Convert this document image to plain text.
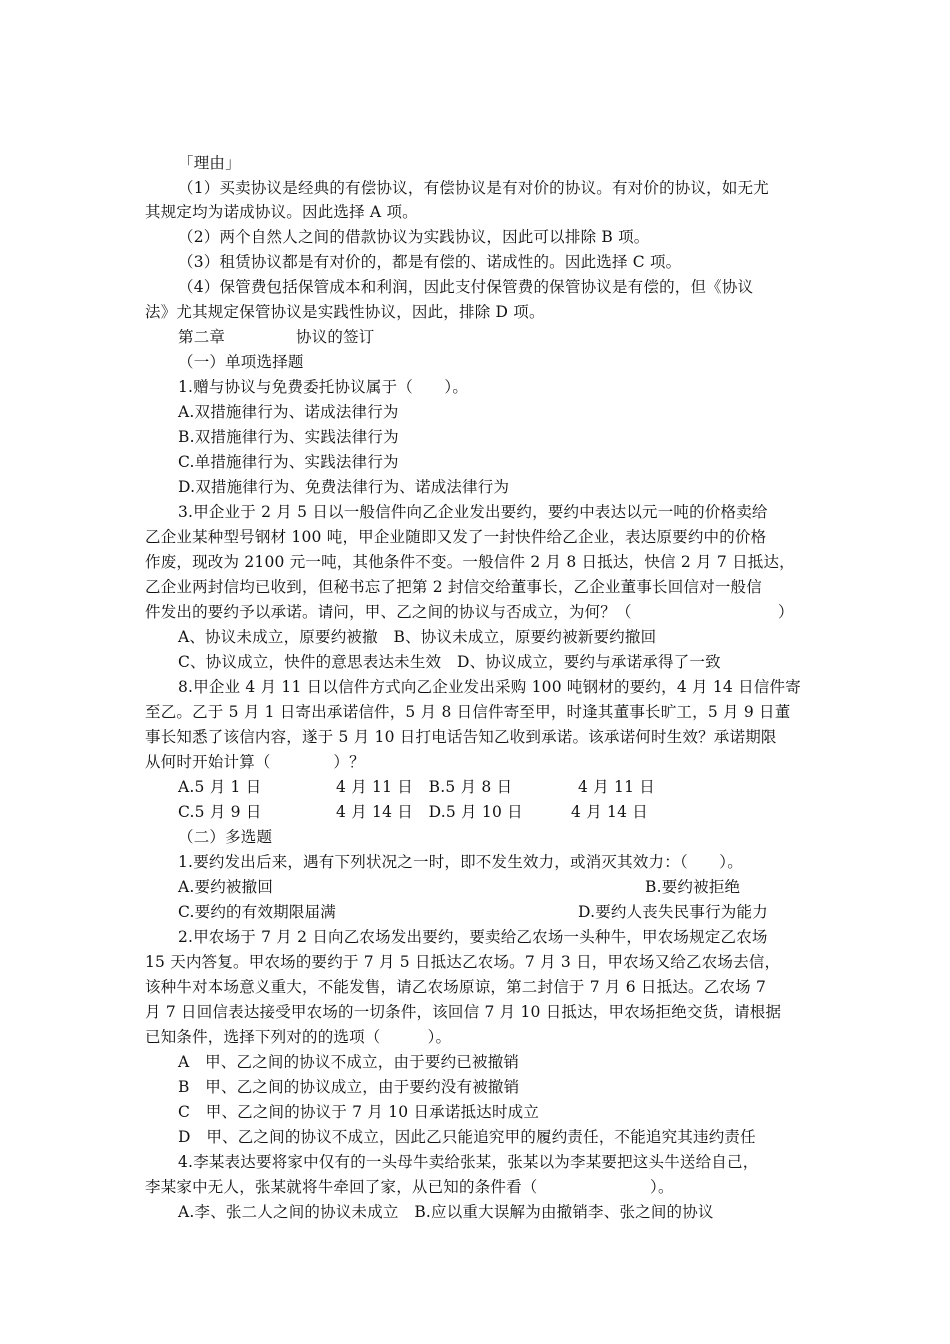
「理由」
（1）买卖协议是经典的有偿协议，有偿协议是有对价的协议。有对价的协议，如无尤
其规定均为诺成协议。因此选择 A 项。
（2）两个自然人之间的借款协议为实践协议，因此可以排除 B 项。
（3）租赁协议都是有对价的，都是有偿的、诺成性的。因此选择 C 项。
（4）保管费包括保管成本和利润，因此支付保管费的保管协议是有偿的，但《协议
法》尤其规定保管协议是实践性协议，因此，排除 D 项。
第二章	协议的签订
（一）单项选择题
1.赠与协议与免费委托协议属于（　　）。
A.双措施律行为、诺成法律行为
B.双措施律行为、实践法律行为
C.单措施律行为、实践法律行为
D.双措施律行为、免费法律行为、诺成法律行为
3.甲企业于 2 月 5 日以一般信件向乙企业发出要约，要约中表达以元一吨的价格卖给
乙企业某种型号钢材 100 吨，甲企业随即又发了一封快件给乙企业，表达原要约中的价格
作废，现改为 2100 元一吨，其他条件不变。一般信件 2 月 8 日抵达，快信 2 月 7 日抵达，
乙企业两封信均已收到，但秘书忘了把第 2 封信交给董事长，乙企业董事长回信对一般信
件发出的要约予以承诺。请问，甲、乙之间的协议与否成立，为何？（	）
A、协议未成立，原要约被撤　B、协议未成立，原要约被新要约撤回
C、协议成立，快件的意思表达未生效　D、协议成立，要约与承诺承得了一致
8.甲企业 4 月 11 日以信件方式向乙企业发出采购 100 吨钢材的要约，4 月 14 日信件寄
至乙。乙于 5 月 1 日寄出承诺信件，5 月 8 日信件寄至甲，时逢其董事长旷工，5 月 9 日董
事长知悉了该信内容，遂于 5 月 10 日打电话告知乙收到承诺。该承诺何时生效？承诺期限
从何时开始计算（　　　　）？
A.5 月 1 日	4 月 11 日　B.5 月 8 日	4 月 11 日
C.5 月 9 日	4 月 14 日　D.5 月 10 日	4 月 14 日
（二）多选题
1.要约发出后来，遇有下列状况之一时，即不发生效力，或消灭其效力：（　　）。
A.要约被撤回	B.要约被拒绝
C.要约的有效期限届满	D.要约人丧失民事行为能力
2.甲农场于 7 月 2 日向乙农场发出要约，要卖给乙农场一头种牛，甲农场规定乙农场
15 天内答复。甲农场的要约于 7 月 5 日抵达乙农场。7 月 3 日，甲农场又给乙农场去信，
该种牛对本场意义重大，不能发售，请乙农场原谅，第二封信于 7 月 6 日抵达。乙农场 7
月 7 日回信表达接受甲农场的一切条件，该回信 7 月 10 日抵达，甲农场拒绝交货，请根据
已知条件，选择下列对的的选项（　　　）。
A　甲、乙之间的协议不成立，由于要约已被撤销
B　甲、乙之间的协议成立，由于要约没有被撤销
C　甲、乙之间的协议于 7 月 10 日承诺抵达时成立
D　甲、乙之间的协议不成立，因此乙只能追究甲的履约责任，不能追究其违约责任
4.李某表达要将家中仅有的一头母牛卖给张某，张某以为李某要把这头牛送给自己，
李某家中无人，张某就将牛牵回了家，从已知的条件看（	）。
A.李、张二人之间的协议未成立　B.应以重大误解为由撤销李、张之间的协议
